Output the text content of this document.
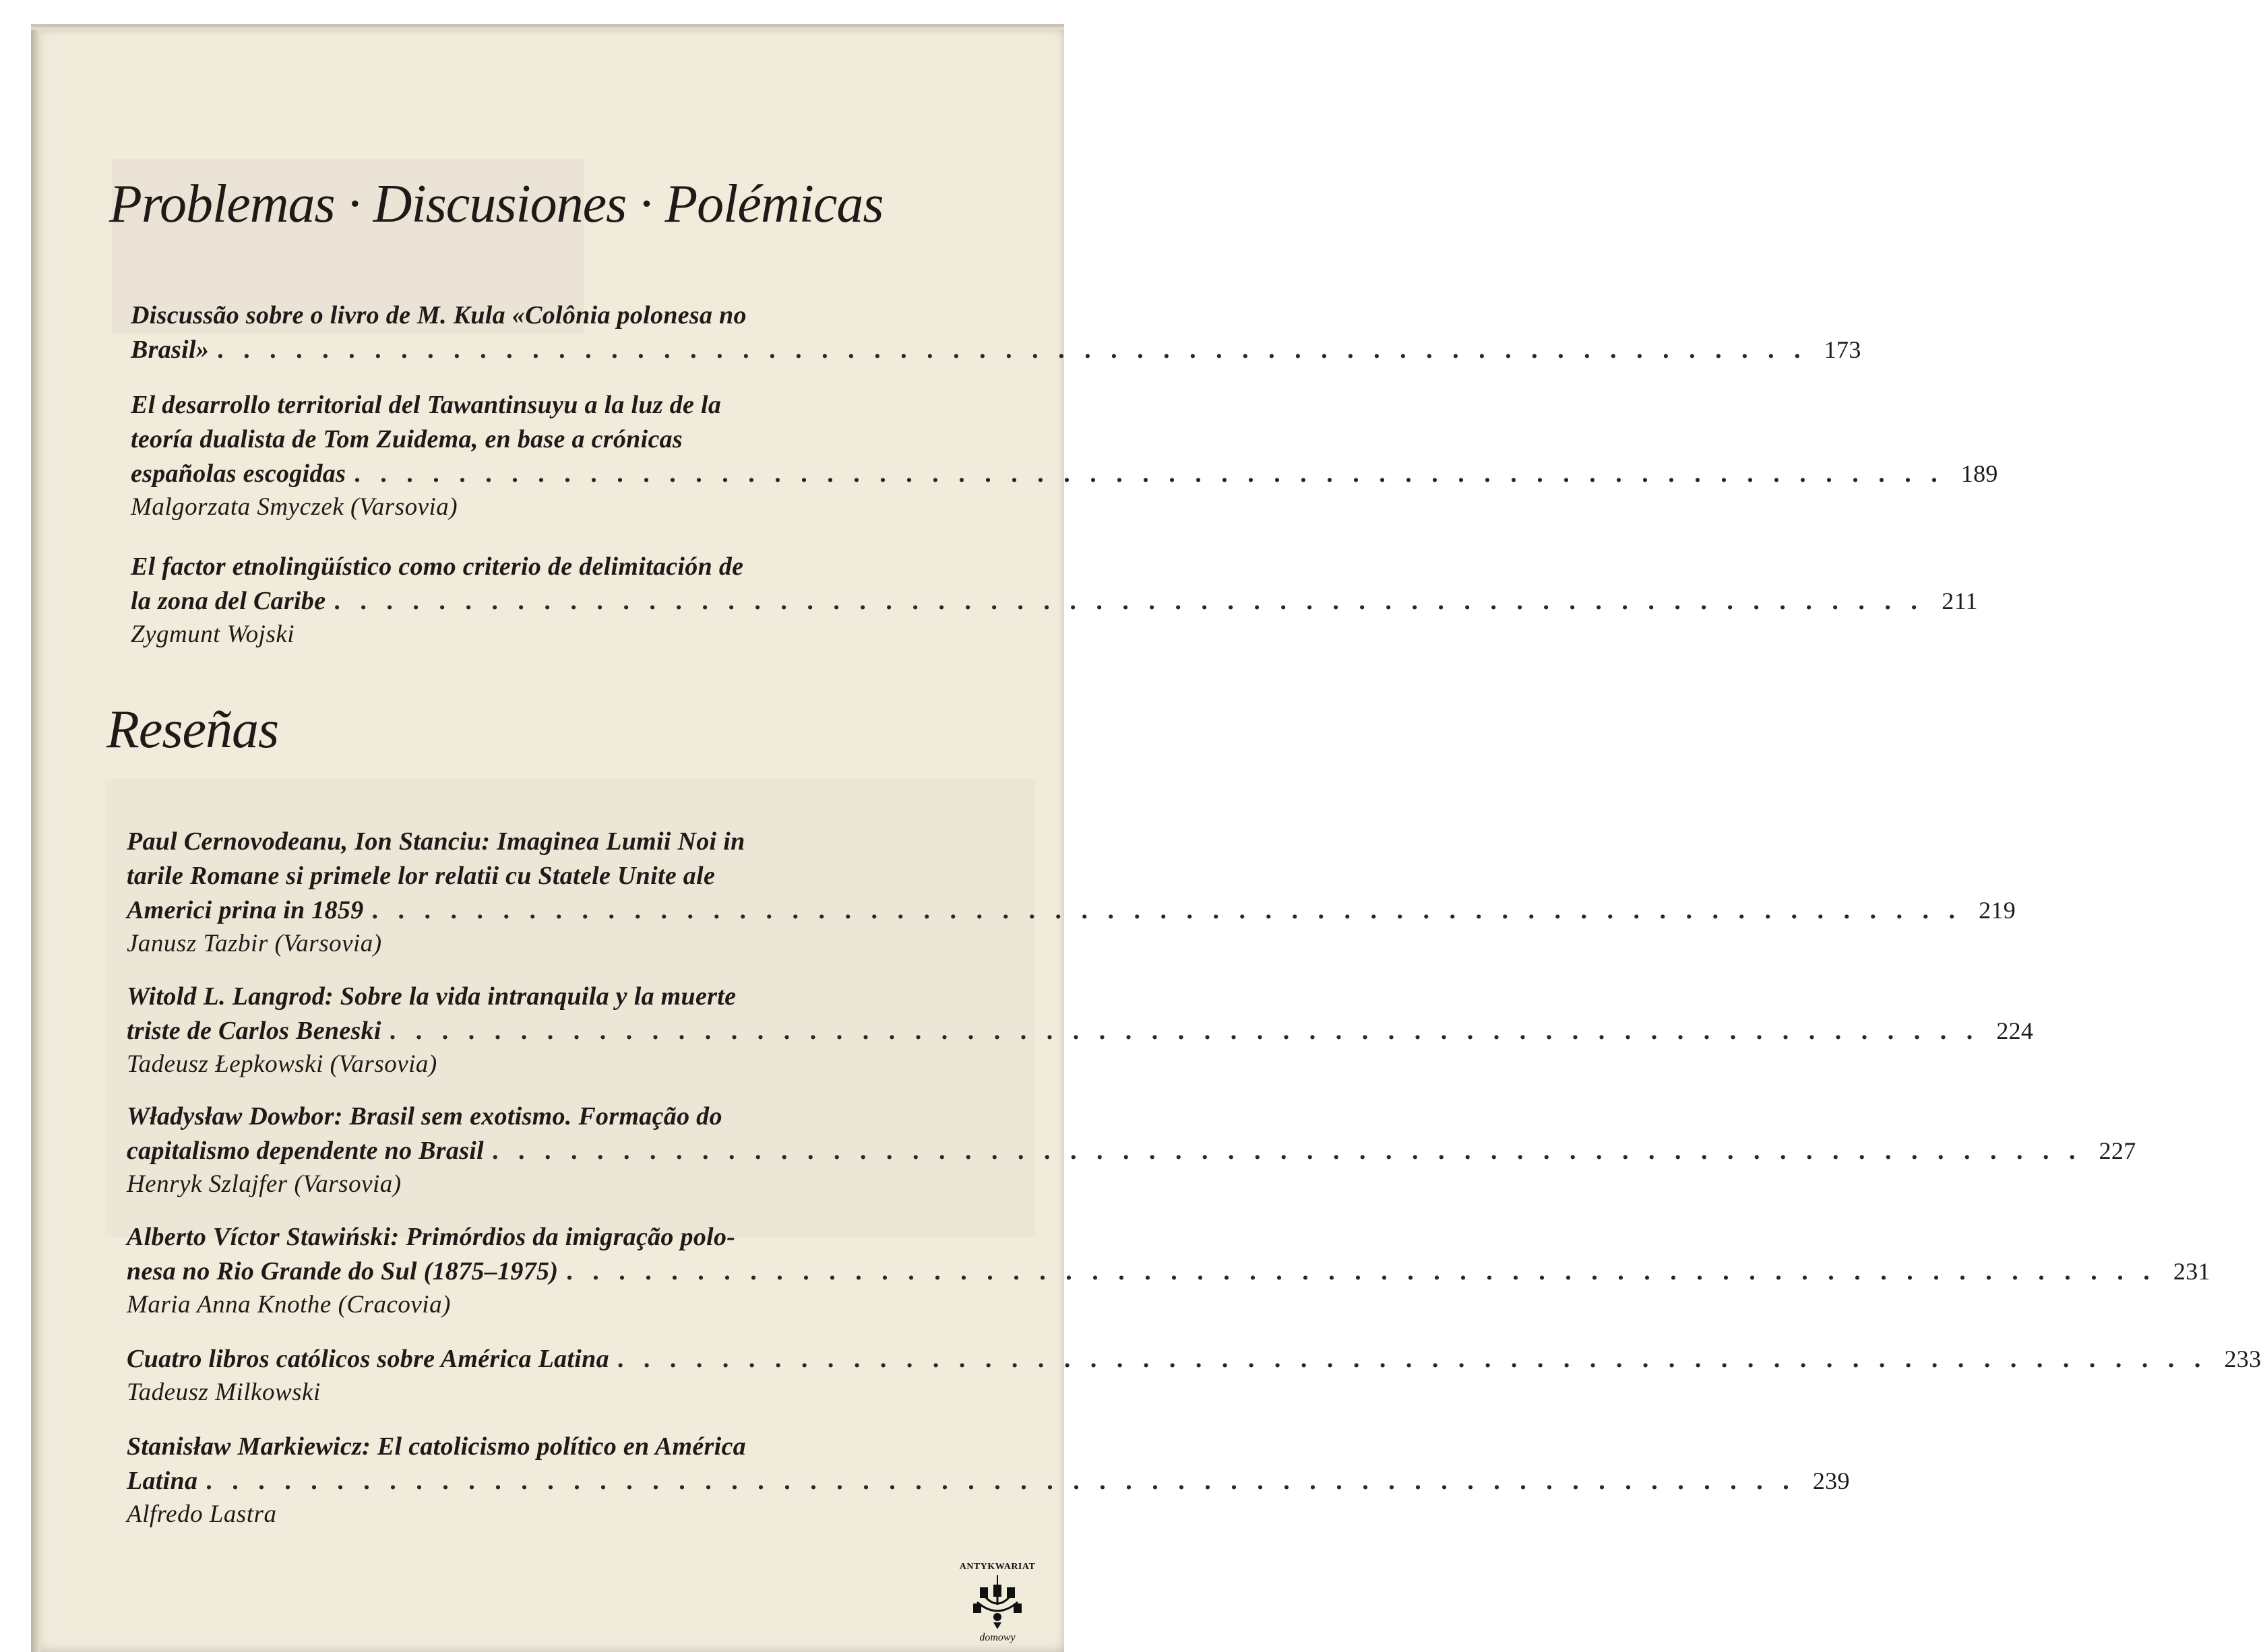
Problemas · Discusiones · Polémicas
Discussão sobre o livro de M. Kula «Colônia polonesa no
Brasil» . . . . . . . . . . . . . . . . . . . . . . . . . . . . . . . . . . . . . . . . . . . . . . . . . . . . . . . . . . . . . 173
El desarrollo territorial del Tawantinsuyu a la luz de la
teoría dualista de Tom Zuidema, en base a crónicas
españolas escogidas . . . . . . . . . . . . . . . . . . . . . . . . . . . . . . . . . . . . . . . . . . . . . . . . . . . . . . . . . . . . . 189
Malgorzata Smyczek (Varsovia)
El factor etnolingüístico como criterio de delimitación de
la zona del Caribe . . . . . . . . . . . . . . . . . . . . . . . . . . . . . . . . . . . . . . . . . . . . . . . . . . . . . . . . . . . . . 211
Zygmunt Wojski
Reseñas
Paul Cernovodeanu, Ion Stanciu: Imaginea Lumii Noi in
tarile Romane si primele lor relatii cu Statele Unite ale
Americi prina in 1859 . . . . . . . . . . . . . . . . . . . . . . . . . . . . . . . . . . . . . . . . . . . . . . . . . . . . . . . . . . . . . 219
Janusz Tazbir (Varsovia)
Witold L. Langrod: Sobre la vida intranquila y la muerte
triste de Carlos Beneski . . . . . . . . . . . . . . . . . . . . . . . . . . . . . . . . . . . . . . . . . . . . . . . . . . . . . . . . . . . . . 224
Tadeusz Łepkowski (Varsovia)
Władysław Dowbor: Brasil sem exotismo. Formação do
capitalismo dependente no Brasil . . . . . . . . . . . . . . . . . . . . . . . . . . . . . . . . . . . . . . . . . . . . . . . . . . . . . . . . . . . . . 227
Henryk Szlajfer (Varsovia)
Alberto Víctor Stawiński: Primórdios da imigração polo-
nesa no Rio Grande do Sul (1875–1975) . . . . . . . . . . . . . . . . . . . . . . . . . . . . . . . . . . . . . . . . . . . . . . . . . . . . . . . . . . . . . 231
Maria Anna Knothe (Cracovia)
Cuatro libros católicos sobre América Latina . . . . . . . . . . . . . . . . . . . . . . . . . . . . . . . . . . . . . . . . . . . . . . . . . . . . . . . . . . . . . 233
Tadeusz Milkowski
Stanisław Markiewicz: El catolicismo político en América
Latina . . . . . . . . . . . . . . . . . . . . . . . . . . . . . . . . . . . . . . . . . . . . . . . . . . . . . . . . . . . . . 239
Alfredo Lastra
ANTYKWARIAT
domowy
